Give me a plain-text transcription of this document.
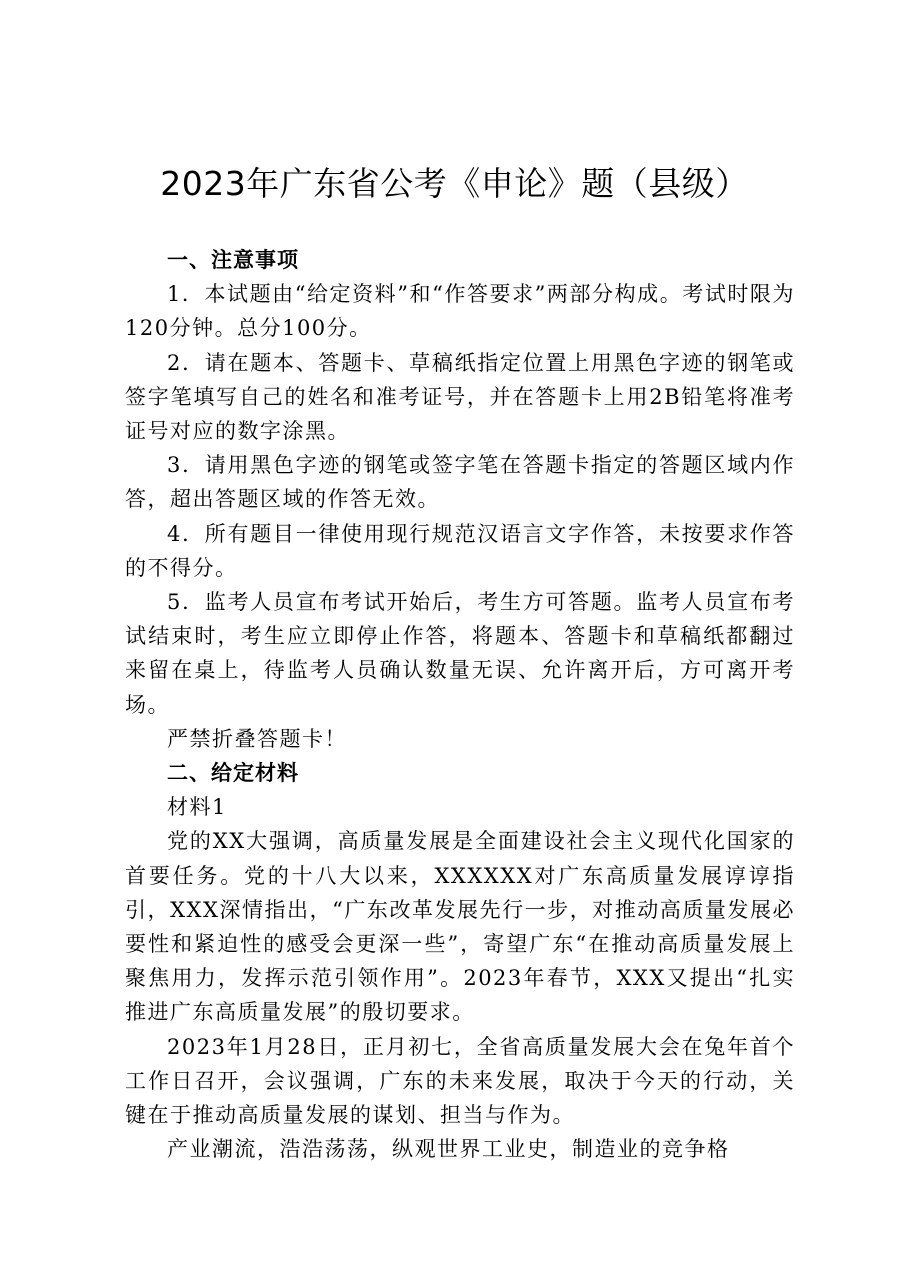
2023年广东省公考《申论》题（县级）

一、注意事项

1．本试题由“给定资料”和“作答要求”两部分构成。考试时限为120分钟。总分100分。

2．请在题本、答题卡、草稿纸指定位置上用黑色字迹的钢笔或签字笔填写自己的姓名和准考证号，并在答题卡上用2B铅笔将准考证号对应的数字涂黑。

3．请用黑色字迹的钢笔或签字笔在答题卡指定的答题区域内作答，超出答题区域的作答无效。

4．所有题目一律使用现行规范汉语言文字作答，未按要求作答的不得分。

5．监考人员宣布考试开始后，考生方可答题。监考人员宣布考试结束时，考生应立即停止作答，将题本、答题卡和草稿纸都翻过来留在桌上，待监考人员确认数量无误、允许离开后，方可离开考场。

严禁折叠答题卡！

二、给定材料

材料1

党的XX大强调，高质量发展是全面建设社会主义现代化国家的首要任务。党的十八大以来，XXXXXX对广东高质量发展谆谆指引，XXX深情指出，“广东改革发展先行一步，对推动高质量发展必要性和紧迫性的感受会更深一些”，寄望广东“在推动高质量发展上聚焦用力，发挥示范引领作用”。2023年春节，XXX又提出“扎实推进广东高质量发展”的殷切要求。

2023年1月28日，正月初七，全省高质量发展大会在兔年首个工作日召开，会议强调，广东的未来发展，取决于今天的行动，关键在于推动高质量发展的谋划、担当与作为。

产业潮流，浩浩荡荡，纵观世界工业史，制造业的竞争格
